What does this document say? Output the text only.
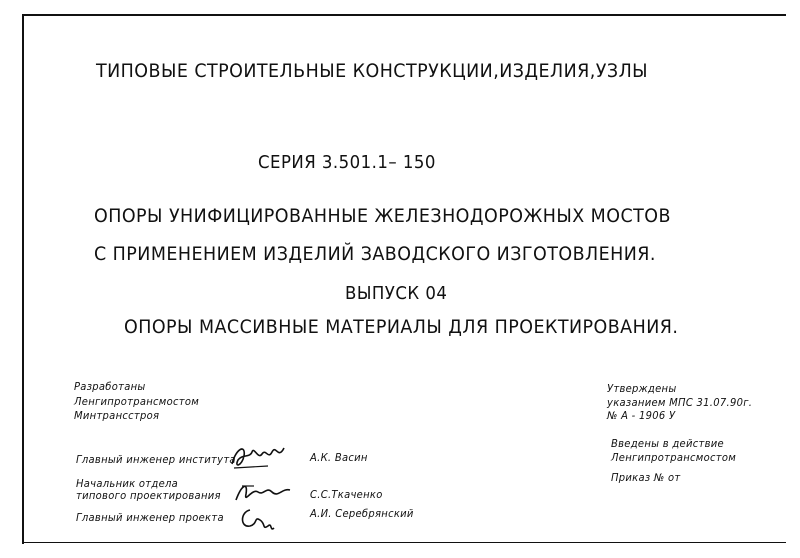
ТИПОВЫЕ СТРОИТЕЛЬНЫЕ КОНСТРУКЦИИ,ИЗДЕЛИЯ,УЗЛЫ
СЕРИЯ 3.501.1– 150
ОПОРЫ УНИФИЦИРОВАННЫЕ ЖЕЛЕЗНОДОРОЖНЫХ МОСТОВ
С ПРИМЕНЕНИЕМ ИЗДЕЛИЙ ЗАВОДСКОГО ИЗГОТОВЛЕНИЯ.
ВЫПУСК 04
ОПОРЫ МАССИВНЫЕ МАТЕРИАЛЫ ДЛЯ ПРОЕКТИРОВАНИЯ.
Разработаны
Ленгипротрансмостом
Минтрансстроя
Главный инженер института	А.К. Васин
Начальник отдела
типового проектирования	С.С.Ткаченко
Главный инженер проекта	А.И. Серебрянский
Утверждены
указанием МПС 31.07.90г.
№ А - 1906 У
Введены в действие
Ленгипротрансмостом
Приказ № от
